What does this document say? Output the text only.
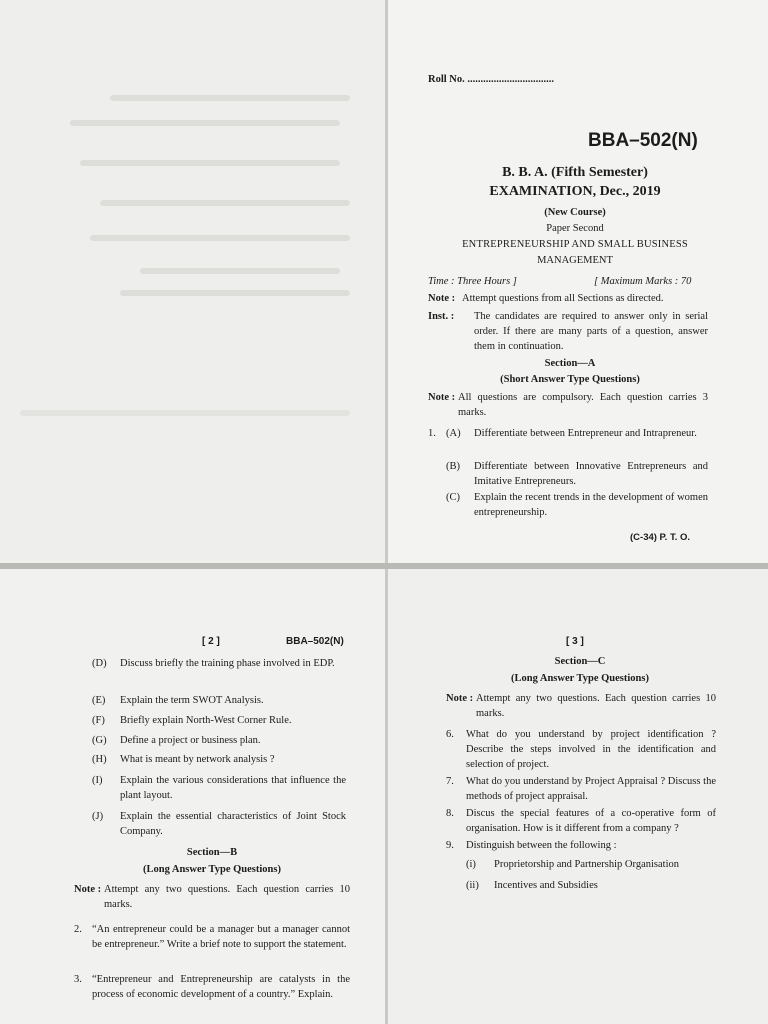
Roll No. .................................
BBA–502(N)
B. B. A. (Fifth Semester)
EXAMINATION, Dec., 2019
(New Course)
Paper Second
ENTREPRENEURSHIP AND SMALL BUSINESS
MANAGEMENT
Time : Three Hours ]	[ Maximum Marks : 70
Note : Attempt questions from all Sections as directed.
Inst. : The candidates are required to answer only in serial order. If there are many parts of a question, answer them in continuation.
Section—A
(Short Answer Type Questions)
Note : All questions are compulsory. Each question carries 3 marks.
1. (A) Differentiate between Entrepreneur and Intrapreneur.
(B) Differentiate between Innovative Entrepreneurs and Imitative Entrepreneurs.
(C) Explain the recent trends in the development of women entrepreneurship.
(C-34) P. T. O.
[ 2 ]	BBA–502(N)
(D) Discuss briefly the training phase involved in EDP.
(E) Explain the term SWOT Analysis.
(F) Briefly explain North-West Corner Rule.
(G) Define a project or business plan.
(H) What is meant by network analysis ?
(I) Explain the various considerations that influence the plant layout.
(J) Explain the essential characteristics of Joint Stock Company.
Section—B
(Long Answer Type Questions)
Note : Attempt any two questions. Each question carries 10 marks.
2. “An entrepreneur could be a manager but a manager cannot be entrepreneur.” Write a brief note to support the statement.
3. “Entrepreneur and Entrepreneurship are catalysts in the process of economic development of a country.” Explain.
[ 3 ]
Section—C
(Long Answer Type Questions)
Note : Attempt any two questions. Each question carries 10 marks.
6. What do you understand by project identification ? Describe the steps involved in the identification and selection of project.
7. What do you understand by Project Appraisal ? Discuss the methods of project appraisal.
8. Discus the special features of a co-operative form of organisation. How is it different from a company ?
9. Distinguish between the following :
(i) Proprietorship and Partnership Organisation
(ii) Incentives and Subsidies
